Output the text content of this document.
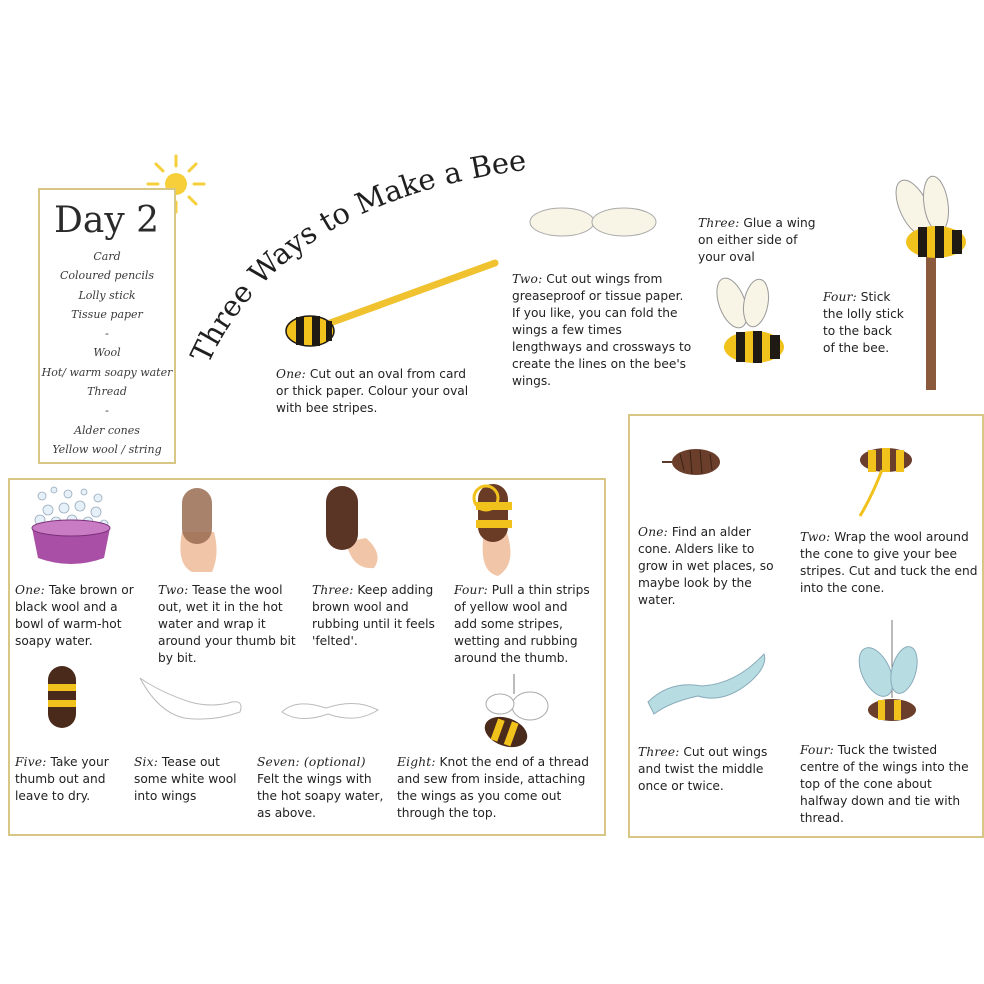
Day 2
Card
Coloured pencils
Lolly stick
Tissue paper
-
Wool
Hot/ warm soapy water
Thread
-
Alder cones
Yellow wool / string
Three Ways to Make a Bee
One: Cut out an oval from card or thick paper. Colour your oval with bee stripes.
Two: Cut out wings from greaseproof or tissue paper. If you like, you can fold the wings a few times lengthways and crossways to create the lines on the bee's wings.
Three: Glue a wing on either side of your oval
Four: Stick the lolly stick to the back of the bee.
One: Take brown or black wool and a bowl of warm-hot soapy water.
Two: Tease the wool out, wet it in the hot water and wrap it around your thumb bit by bit.
Three: Keep adding brown wool and rubbing until it feels 'felted'.
Four: Pull a thin strips of yellow wool and add some stripes, wetting and rubbing around the thumb.
Five: Take your thumb out and leave to dry.
Six: Tease out some white wool into wings
Seven: (optional) Felt the wings with the hot soapy water, as above.
Eight: Knot the end of a thread and sew from inside, attaching the wings as you come out through the top.
One: Find an alder cone. Alders like to grow in wet places, so maybe look by the water.
Two: Wrap the wool around the cone to give your bee stripes. Cut and tuck the end into the cone.
Three: Cut out wings and twist the middle once or twice.
Four: Tuck the twisted centre of the wings into the top of the cone about halfway down and tie with thread.
